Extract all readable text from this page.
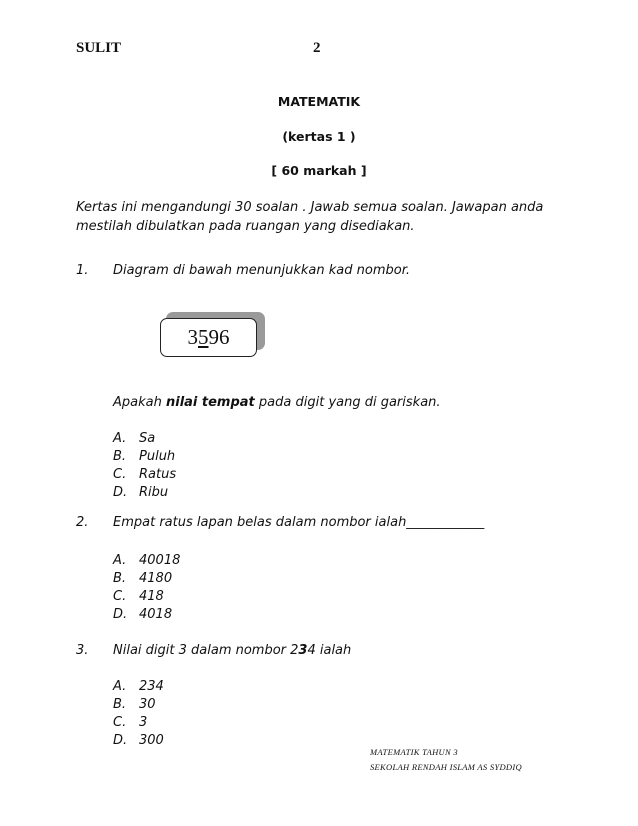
SULIT	2
MATEMATIK
(kertas 1 )
[ 60 markah ]
Kertas ini mengandungi 30 soalan . Jawab semua soalan. Jawapan anda mestilah dibulatkan pada ruangan yang disediakan.
1. Diagram di bawah menunjukkan kad nombor.
3596
Apakah nilai tempat pada digit yang di gariskan.
A. Sa
B. Puluh
C. Ratus
D. Ribu
2. Empat ratus lapan belas dalam nombor ialah____________
A. 40018
B. 4180
C. 418
D. 4018
3. Nilai digit 3 dalam nombor 234 ialah
A. 234
B. 30
C. 3
D. 300
MATEMATIK TAHUN 3
SEKOLAH RENDAH ISLAM AS SYDDIQ
